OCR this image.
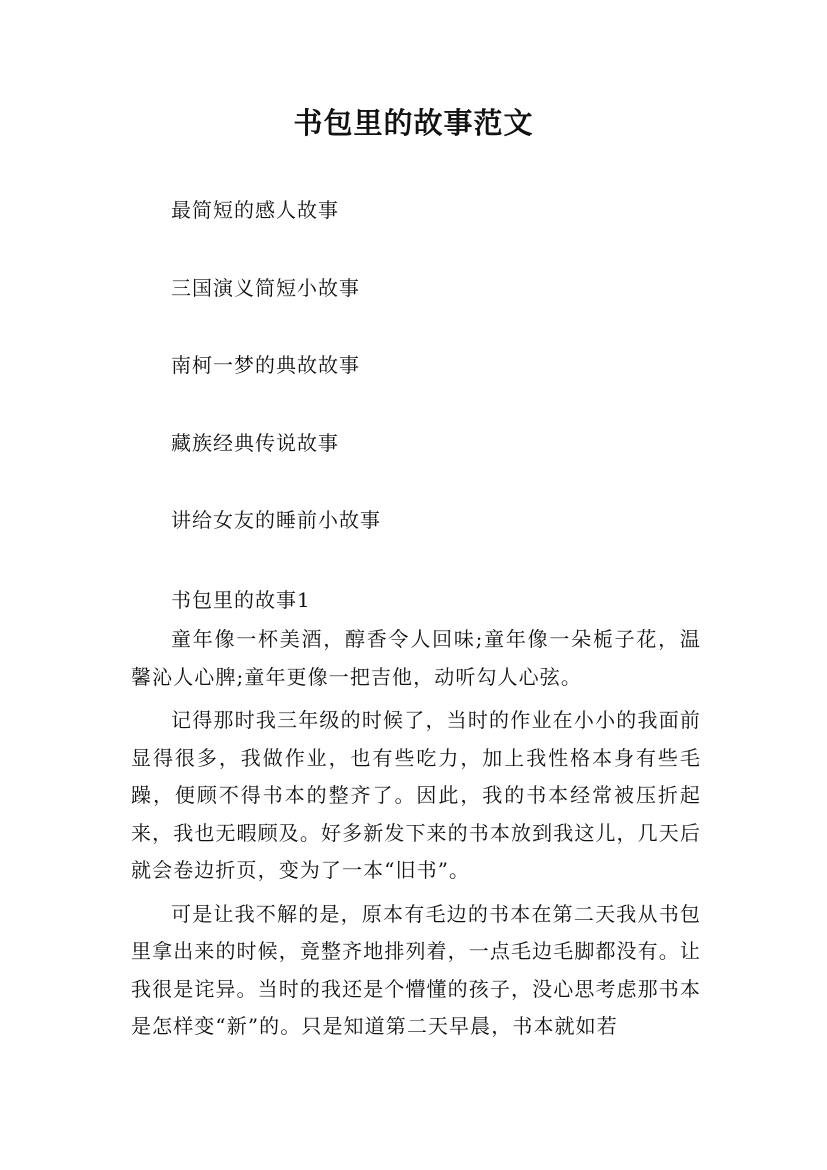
书包里的故事范文
最简短的感人故事
三国演义简短小故事
南柯一梦的典故故事
藏族经典传说故事
讲给女友的睡前小故事
书包里的故事1

童年像一杯美酒，醇香令人回味;童年像一朵栀子花，温馨沁人心脾;童年更像一把吉他，动听勾人心弦。

记得那时我三年级的时候了，当时的作业在小小的我面前显得很多，我做作业，也有些吃力，加上我性格本身有些毛躁，便顾不得书本的整齐了。因此，我的书本经常被压折起来，我也无暇顾及。好多新发下来的书本放到我这儿，几天后就会卷边折页，变为了一本“旧书”。

可是让我不解的是，原本有毛边的书本在第二天我从书包里拿出来的时候，竟整齐地排列着，一点毛边毛脚都没有。让我很是诧异。当时的我还是个懵懂的孩子，没心思考虑那书本是怎样变“新”的。只是知道第二天早晨，书本就如若
